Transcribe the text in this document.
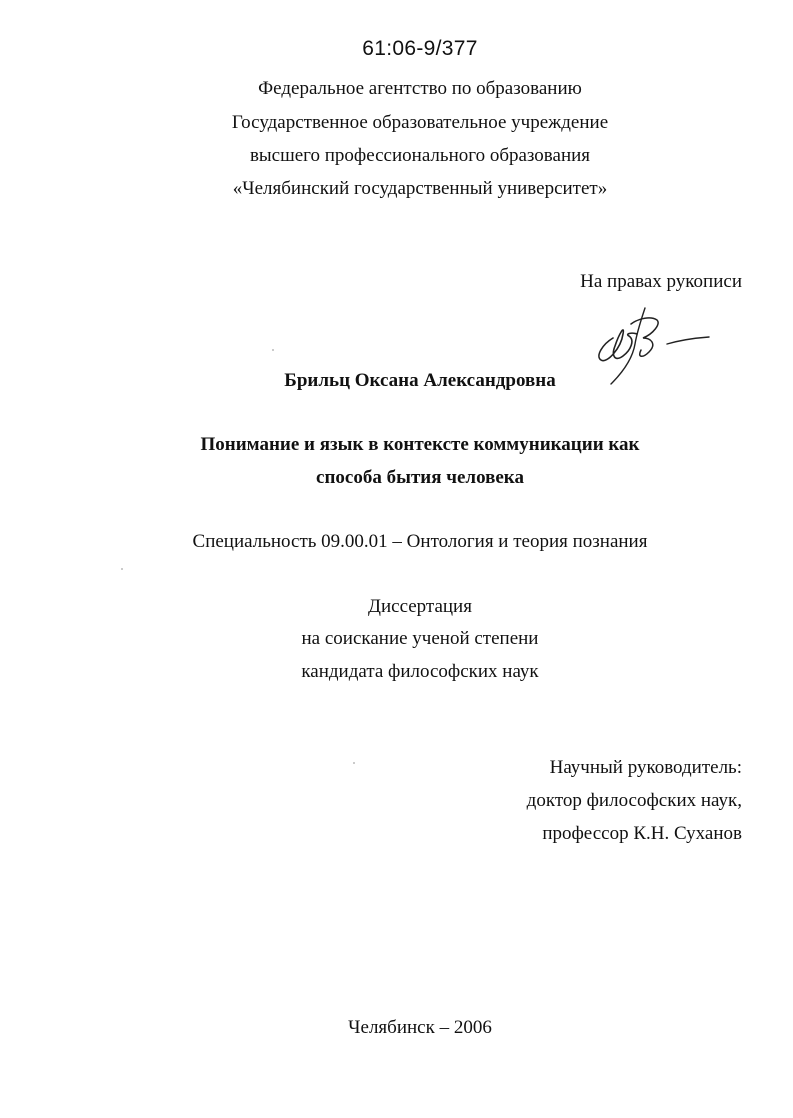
61:06-9/377
Федеральное агентство по образованию
Государственное образовательное учреждение
высшего профессионального образования
«Челябинский государственный университет»
На правах рукописи
Брильц Оксана Александровна
Понимание и язык в контексте коммуникации как
способа бытия человека
Специальность 09.00.01 – Онтология и теория познания
Диссертация
на соискание ученой степени
кандидата философских наук
Научный руководитель:
доктор философских наук,
профессор К.Н. Суханов
Челябинск – 2006
